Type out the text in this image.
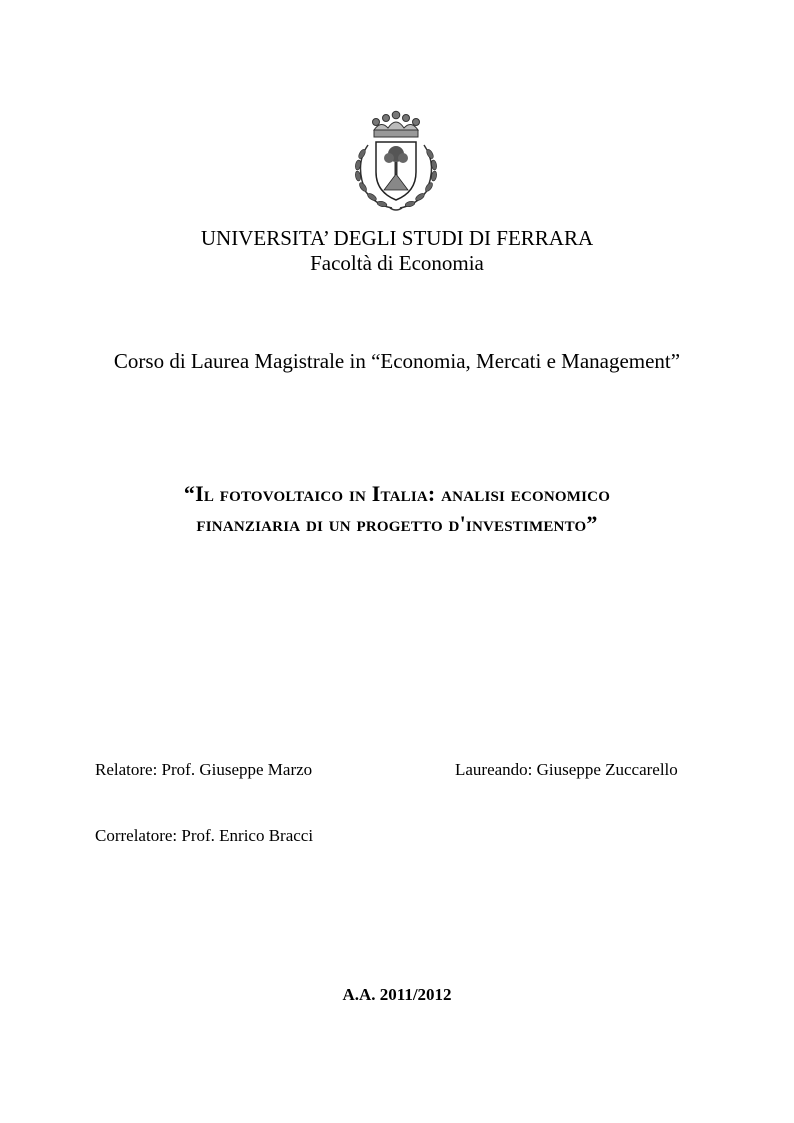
UNIVERSITA’ DEGLI STUDI DI FERRARA
Facoltà di Economia
Corso di Laurea Magistrale in “Economia, Mercati e Management”
“Il fotovoltaico in Italia: analisi economico
finanziaria di un progetto d'investimento”
Relatore: Prof. Giuseppe Marzo	Laureando: Giuseppe Zuccarello
Correlatore: Prof. Enrico Bracci
A.A. 2011/2012
